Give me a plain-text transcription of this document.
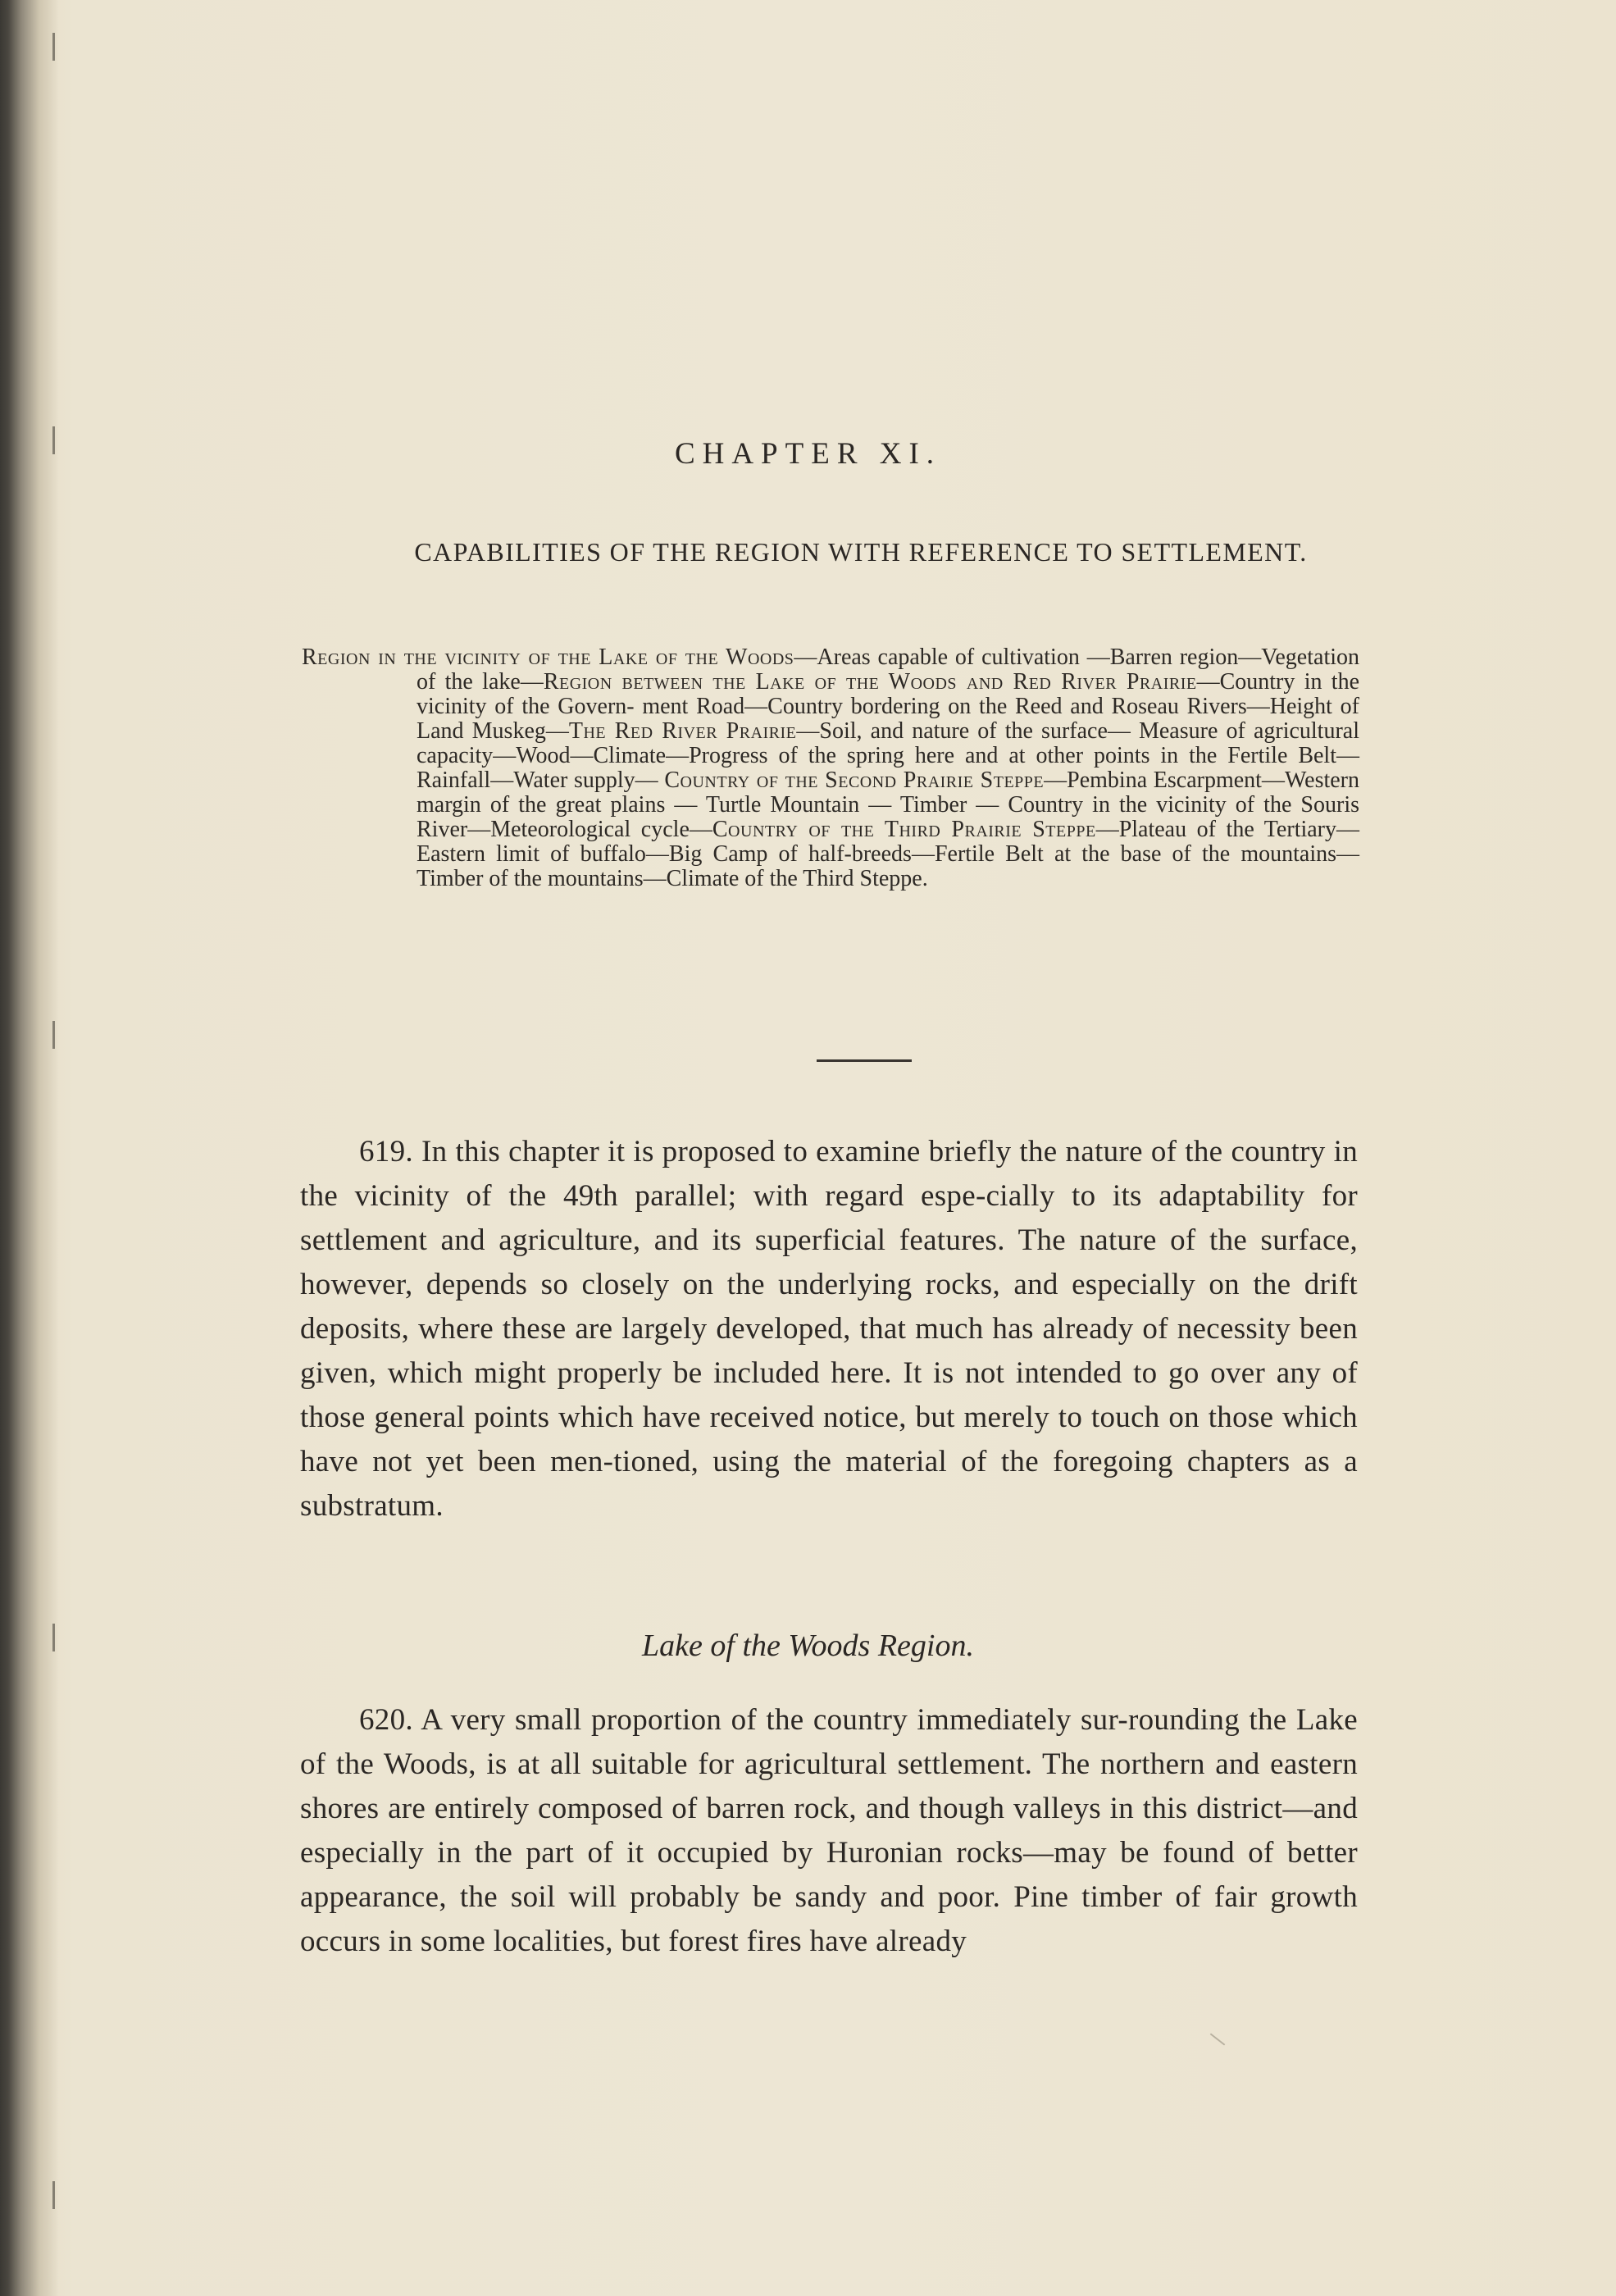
CHAPTER XI.
CAPABILITIES OF THE REGION WITH REFERENCE TO SETTLEMENT.
Region in the vicinity of the Lake of the Woods—Areas capable of cultivation —Barren region—Vegetation of the lake—Region between the Lake of the Woods and Red River Prairie—Country in the vicinity of the Govern- ment Road—Country bordering on the Reed and Roseau Rivers—Height of Land Muskeg—The Red River Prairie—Soil, and nature of the surface— Measure of agricultural capacity—Wood—Climate—Progress of the spring here and at other points in the Fertile Belt—Rainfall—Water supply— Country of the Second Prairie Steppe—Pembina Escarpment—Western margin of the great plains — Turtle Mountain — Timber — Country in the vicinity of the Souris River—Meteorological cycle—Country of the Third Prairie Steppe—Plateau of the Tertiary—Eastern limit of buffalo—Big Camp of half-breeds—Fertile Belt at the base of the mountains—Timber of the mountains—Climate of the Third Steppe.
619. In this chapter it is proposed to examine briefly the nature of the country in the vicinity of the 49th parallel; with regard espe-cially to its adaptability for settlement and agriculture, and its superficial features. The nature of the surface, however, depends so closely on the underlying rocks, and especially on the drift deposits, where these are largely developed, that much has already of necessity been given, which might properly be included here. It is not intended to go over any of those general points which have received notice, but merely to touch on those which have not yet been men-tioned, using the material of the foregoing chapters as a substratum.
Lake of the Woods Region.
620. A very small proportion of the country immediately sur-rounding the Lake of the Woods, is at all suitable for agricultural settlement. The northern and eastern shores are entirely composed of barren rock, and though valleys in this district—and especially in the part of it occupied by Huronian rocks—may be found of better appearance, the soil will probably be sandy and poor. Pine timber of fair growth occurs in some localities, but forest fires have already
